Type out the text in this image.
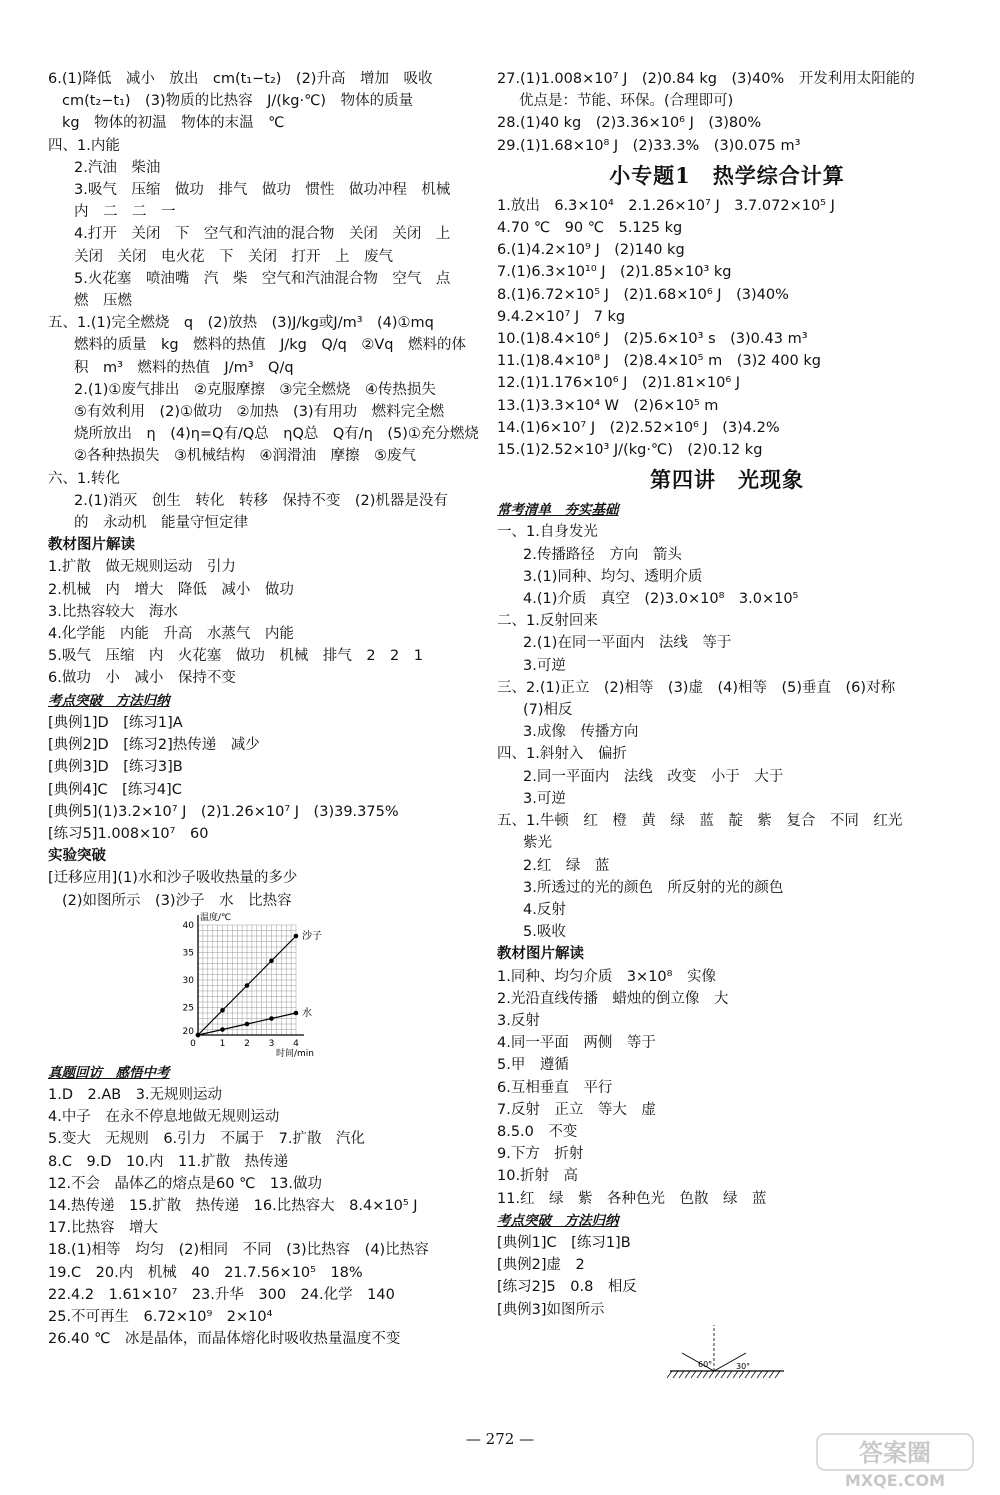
6.(1)降低　减小　放出　cm(t₁−t₂)　(2)升高　增加　吸收
cm(t₂−t₁)　(3)物质的比热容　J/(kg·℃)　物体的质量
kg　物体的初温　物体的末温　℃
四、1.内能
2.汽油　柴油
3.吸气　压缩　做功　排气　做功　惯性　做功冲程　机械
内　二　二　一
4.打开　关闭　下　空气和汽油的混合物　关闭　关闭　上
关闭　关闭　电火花　下　关闭　打开　上　废气
5.火花塞　喷油嘴　汽　柴　空气和汽油混合物　空气　点
燃　压燃
五、1.(1)完全燃烧　q　(2)放热　(3)J/kg或J/m³　(4)①mq
燃料的质量　kg　燃料的热值　J/kg　Q/q　②Vq　燃料的体
积　m³　燃料的热值　J/m³　Q/q
2.(1)①废气排出　②克服摩擦　③完全燃烧　④传热损失
⑤有效利用　(2)①做功　②加热　(3)有用功　燃料完全燃
烧所放出　η　(4)η=Q有/Q总　ηQ总　Q有/η　(5)①充分燃烧
②各种热损失　③机械结构　④润滑油　摩擦　⑤废气
六、1.转化
2.(1)消灭　创生　转化　转移　保持不变　(2)机器是没有
的　永动机　能量守恒定律
教材图片解读
1.扩散　做无规则运动　引力
2.机械　内　增大　降低　减小　做功
3.比热容较大　海水
4.化学能　内能　升高　水蒸气　内能
5.吸气　压缩　内　火花塞　做功　机械　排气　2　2　1
6.做功　小　减小　保持不变
考点突破　方法归纳
[典例1]D　[练习1]A
[典例2]D　[练习2]热传递　减少
[典例3]D　[练习3]B
[典例4]C　[练习4]C
[典例5](1)3.2×10⁷ J　(2)1.26×10⁷ J　(3)39.375%
[练习5]1.008×10⁷　60
实验突破
[迁移应用](1)水和沙子吸收热量的多少
(2)如图所示　(3)沙子　水　比热容
0	1 2 3 4
25
30
35
40
20
温度/℃
时间/min
沙子
水
真题回访　感悟中考
1.D　2.AB　3.无规则运动
4.中子　在永不停息地做无规则运动
5.变大　无规则　6.引力　不属于　7.扩散　汽化
8.C　9.D　10.内　11.扩散　热传递
12.不会　晶体乙的熔点是60 ℃　13.做功
14.热传递　15.扩散　热传递　16.比热容大　8.4×10⁵ J
17.比热容　增大
18.(1)相等　均匀　(2)相同　不同　(3)比热容　(4)比热容
19.C　20.内　机械　40　21.7.56×10⁵　18%
22.4.2　1.61×10⁷　23.升华　300　24.化学　140
25.不可再生　6.72×10⁹　2×10⁴
26.40 ℃　冰是晶体，而晶体熔化时吸收热量温度不变
27.(1)1.008×10⁷ J　(2)0.84 kg　(3)40%　开发利用太阳能的
优点是：节能、环保。(合理即可)
28.(1)40 kg　(2)3.36×10⁶ J　(3)80%
29.(1)1.68×10⁸ J　(2)33.3%　(3)0.075 m³
小专题1　热学综合计算
1.放出　6.3×10⁴　2.1.26×10⁷ J　3.7.072×10⁵ J
4.70 ℃　90 ℃　5.125 kg
6.(1)4.2×10⁹ J　(2)140 kg
7.(1)6.3×10¹⁰ J　(2)1.85×10³ kg
8.(1)6.72×10⁵ J　(2)1.68×10⁶ J　(3)40%
9.4.2×10⁷ J　7 kg
10.(1)8.4×10⁶ J　(2)5.6×10³ s　(3)0.43 m³
11.(1)8.4×10⁸ J　(2)8.4×10⁵ m　(3)2 400 kg
12.(1)1.176×10⁶ J　(2)1.81×10⁶ J
13.(1)3.3×10⁴ W　(2)6×10⁵ m
14.(1)6×10⁷ J　(2)2.52×10⁶ J　(3)4.2%
15.(1)2.52×10³ J/(kg·℃)　(2)0.12 kg
第四讲　光现象
常考清单　夯实基础
一、1.自身发光
2.传播路径　方向　箭头
3.(1)同种、均匀、透明介质
4.(1)介质　真空　(2)3.0×10⁸　3.0×10⁵
二、1.反射回来
2.(1)在同一平面内　法线　等于
3.可逆
三、2.(1)正立　(2)相等　(3)虚　(4)相等　(5)垂直　(6)对称
(7)相反
3.成像　传播方向
四、1.斜射入　偏折
2.同一平面内　法线　改变　小于　大于
3.可逆
五、1.牛顿　红　橙　黄　绿　蓝　靛　紫　复合　不同　红光
紫光
2.红　绿　蓝
3.所透过的光的颜色　所反射的光的颜色
4.反射
5.吸收
教材图片解读
1.同种、均匀介质　3×10⁸　实像
2.光沿直线传播　蜡烛的倒立像　大
3.反射
4.同一平面　两侧　等于
5.甲　遵循
6.互相垂直　平行
7.反射　正立　等大　虚
8.5.0　不变
9.下方　折射
10.折射　高
11.红　绿　紫　各种色光　色散　绿　蓝
考点突破　方法归纳
[典例1]C　[练习1]B
[典例2]虚　2
[练习2]5　0.8　相反
[典例3]如图所示
60°	30°
— 272 —	答案圈
MXQE.COM
